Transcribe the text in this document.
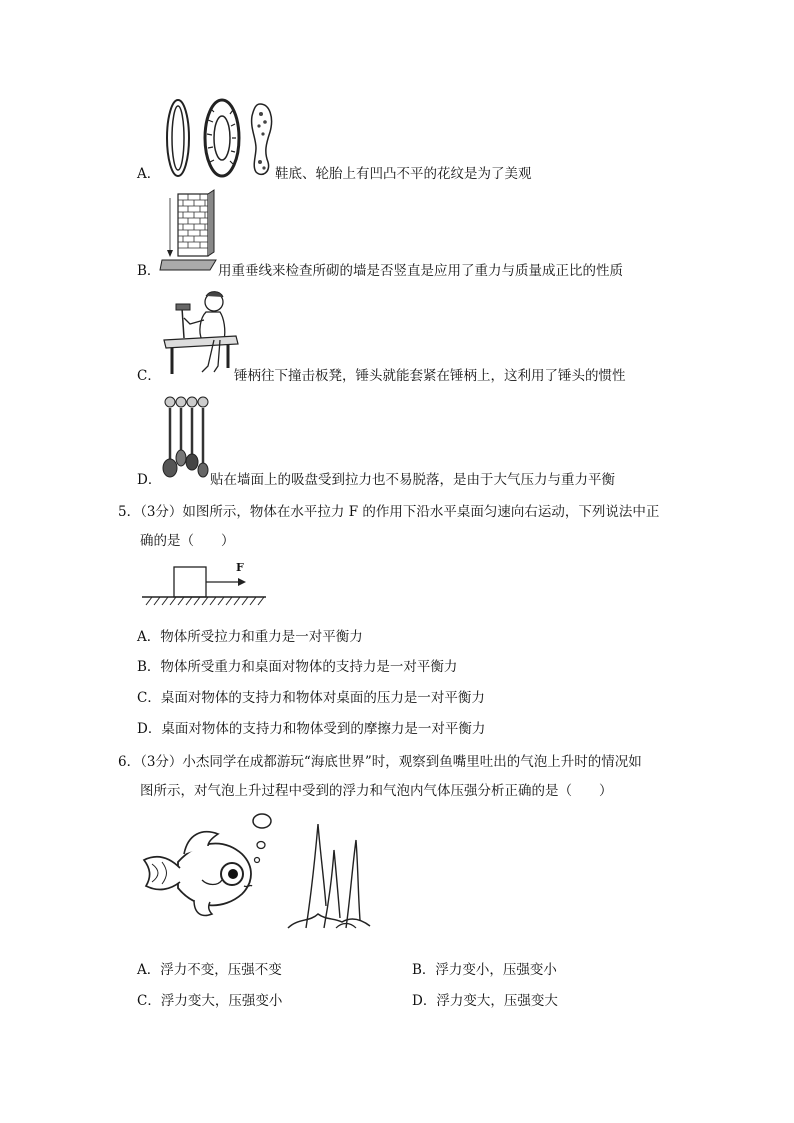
A．	鞋底、轮胎上有凹凸不平的花纹是为了美观
B．	用重垂线来检查所砌的墙是否竖直是应用了重力与质量成正比的性质
C．	锤柄往下撞击板凳，锤头就能套紧在锤柄上，这利用了锤头的惯性
D．	贴在墙面上的吸盘受到拉力也不易脱落，是由于大气压力与重力平衡
5．（3分）如图所示，物体在水平拉力 F 的作用下沿水平桌面匀速向右运动，下列说法中正
确的是（　　）
F
A．物体所受拉力和重力是一对平衡力
B．物体所受重力和桌面对物体的支持力是一对平衡力
C．桌面对物体的支持力和物体对桌面的压力是一对平衡力
D．桌面对物体的支持力和物体受到的摩擦力是一对平衡力
6．（3分）小杰同学在成都游玩“海底世界”时，观察到鱼嘴里吐出的气泡上升时的情况如
图所示，对气泡上升过程中受到的浮力和气泡内气体压强分析正确的是（　　）
A．浮力不变，压强不变	B．浮力变小，压强变小
C．浮力变大，压强变小	D．浮力变大，压强变大
